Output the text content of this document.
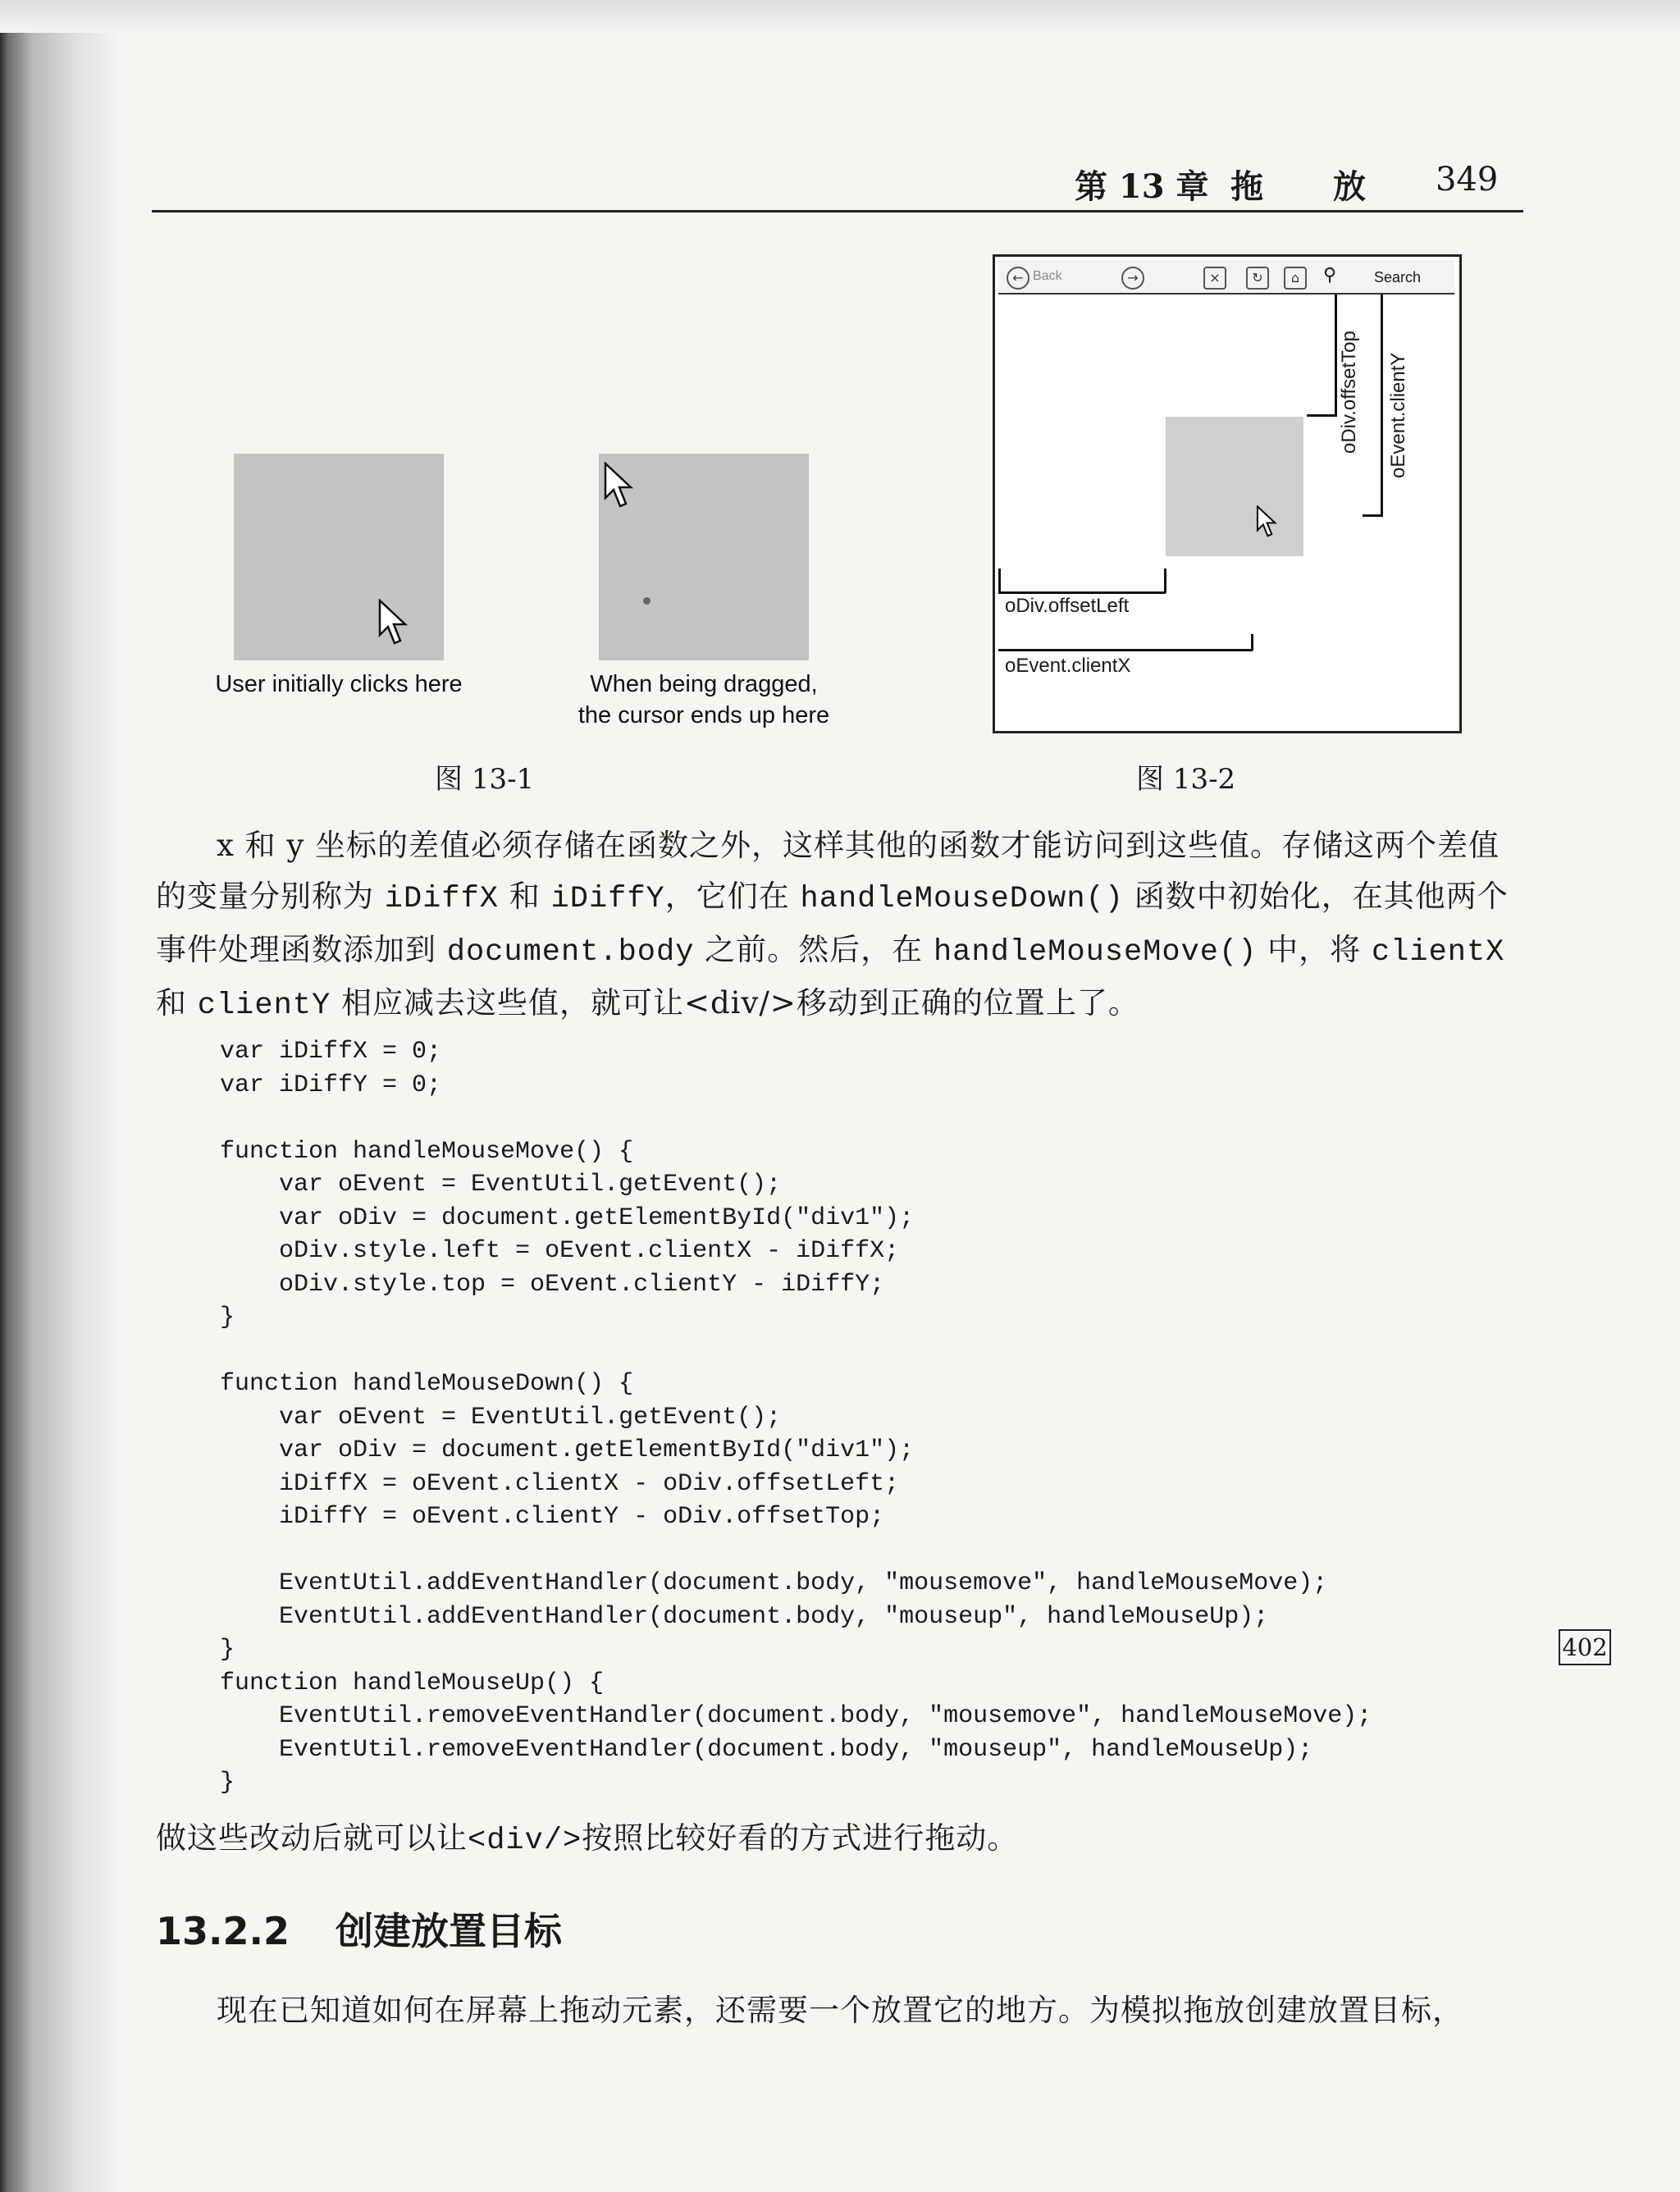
第 13 章 拖 放 349
User initially clicks here	When being dragged,
the cursor ends up here
图 13-1
← Back	→	×	↻	⌂	⚲	Search
oDiv.offsetTop oEvent.clientY
oDiv.offsetLeft
oEvent.clientX
图 13-2
x 和 y 坐标的差值必须存储在函数之外，这样其他的函数才能访问到这些值。存储这两个差值的变量分别称为 iDiffX 和 iDiffY，它们在 handleMouseDown() 函数中初始化，在其他两个事件处理函数添加到 document.body 之前。然后，在 handleMouseMove() 中，将 clientX 和 clientY 相应减去这些值，就可让<div/>移动到正确的位置上了。
var iDiffX = 0;
var iDiffY = 0;

function handleMouseMove() {
var oEvent = EventUtil.getEvent();
var oDiv = document.getElementById("div1");
oDiv.style.left = oEvent.clientX - iDiffX;
oDiv.style.top = oEvent.clientY - iDiffY;
}

function handleMouseDown() {
var oEvent = EventUtil.getEvent();
var oDiv = document.getElementById("div1");
iDiffX = oEvent.clientX - oDiv.offsetLeft;
iDiffY = oEvent.clientY - oDiv.offsetTop;

EventUtil.addEventHandler(document.body, "mousemove", handleMouseMove);
EventUtil.addEventHandler(document.body, "mouseup", handleMouseUp);
}
function handleMouseUp() {
EventUtil.removeEventHandler(document.body, "mousemove", handleMouseMove);
EventUtil.removeEventHandler(document.body, "mouseup", handleMouseUp);
}
402
做这些改动后就可以让<div/>按照比较好看的方式进行拖动。
13.2.2 创建放置目标
现在已知道如何在屏幕上拖动元素，还需要一个放置它的地方。为模拟拖放创建放置目标，
